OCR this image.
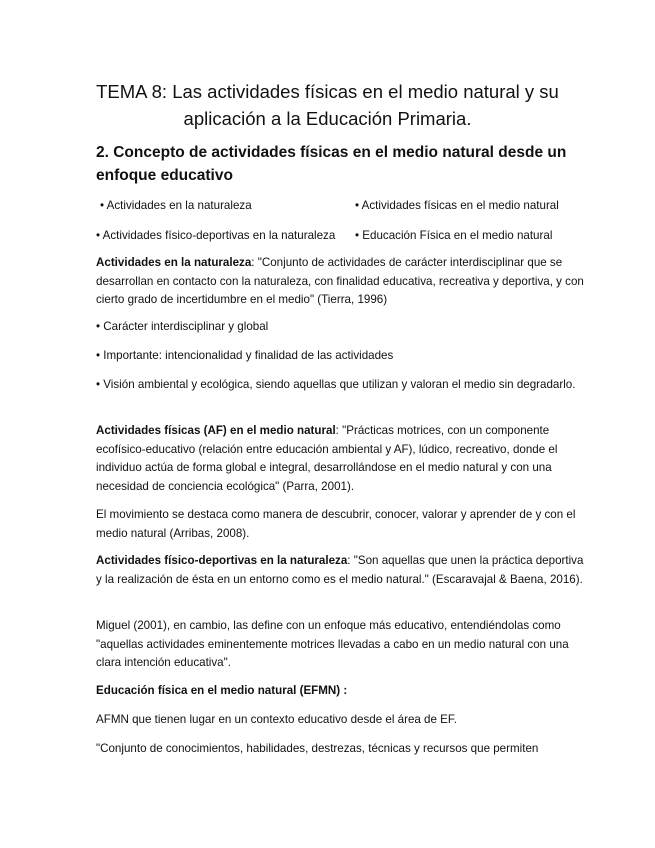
TEMA 8: Las actividades físicas en el medio natural y su
aplicación a la Educación Primaria.
2. Concepto de actividades físicas en el medio natural desde un enfoque educativo
• Actividades en la naturaleza	• Actividades físicas en el medio natural
• Actividades físico-deportivas en la naturaleza • Educación Física en el medio natural
Actividades en la naturaleza: "Conjunto de actividades de carácter interdisciplinar que se desarrollan en contacto con la naturaleza, con finalidad educativa, recreativa y deportiva, y con cierto grado de incertidumbre en el medio" (Tierra, 1996)
• Carácter interdisciplinar y global
• Importante: intencionalidad y finalidad de las actividades
• Visión ambiental y ecológica, siendo aquellas que utilizan y valoran el medio sin degradarlo.
Actividades físicas (AF) en el medio natural: "Prácticas motrices, con un componente ecofísico-educativo (relación entre educación ambiental y AF), lúdico, recreativo, donde el individuo actúa de forma global e integral, desarrollándose en el medio natural y con una necesidad de conciencia ecológica" (Parra, 2001).
El movimiento se destaca como manera de descubrir, conocer, valorar y aprender de y con el medio natural (Arribas, 2008).
Actividades físico-deportivas en la naturaleza: "Son aquellas que unen la práctica deportiva y la realización de ésta en un entorno como es el medio natural." (Escaravajal & Baena, 2016).
Miguel (2001), en cambio, las define con un enfoque más educativo, entendiéndolas como "aquellas actividades eminentemente motrices llevadas a cabo en un medio natural con una clara intención educativa".
Educación física en el medio natural (EFMN) :
AFMN que tienen lugar en un contexto educativo desde el área de EF.
"Conjunto de conocimientos, habilidades, destrezas, técnicas y recursos que permiten
